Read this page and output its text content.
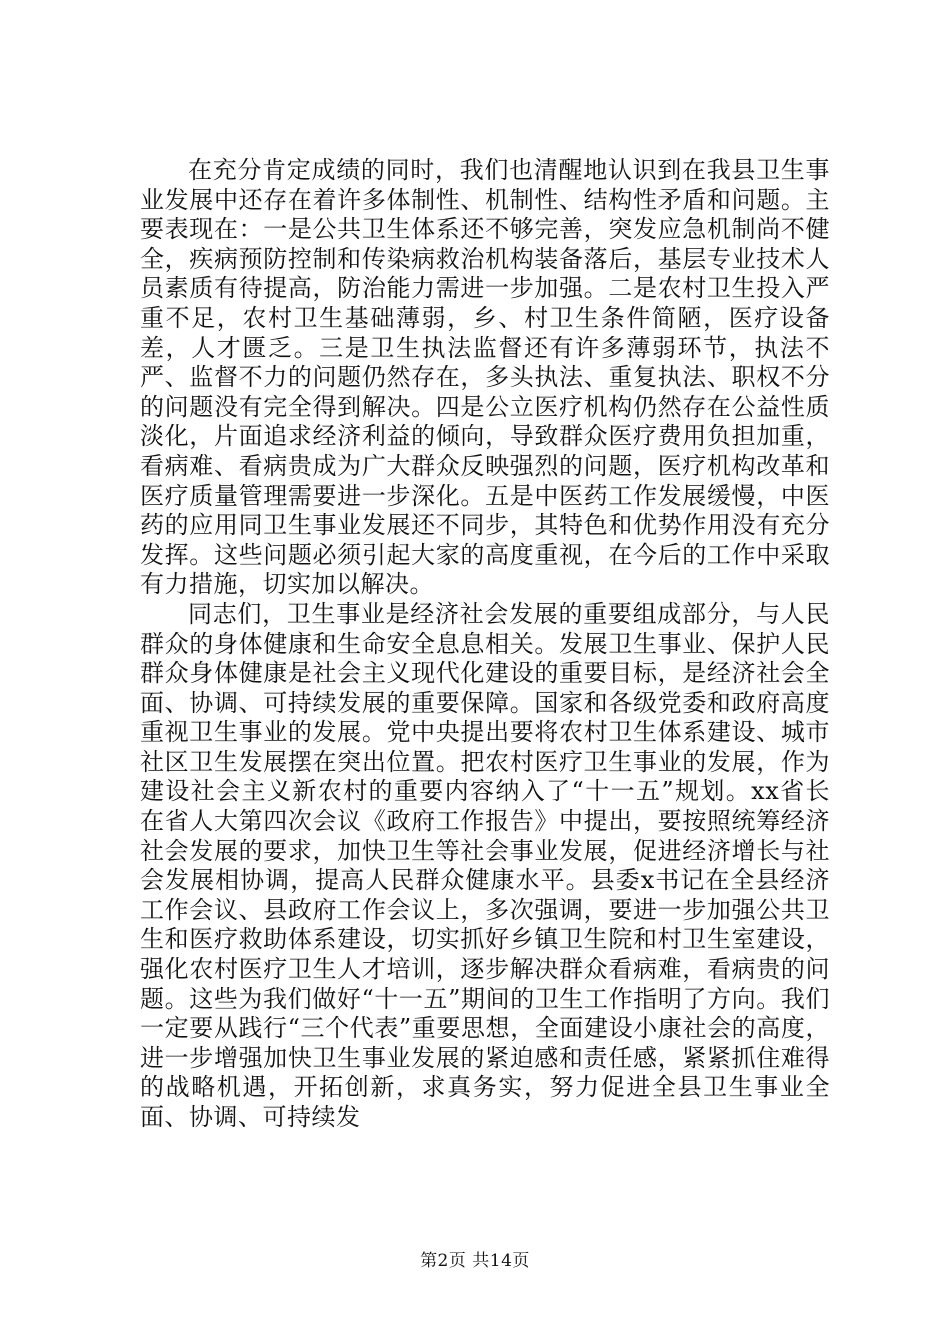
在充分肯定成绩的同时，我们也清醒地认识到在我县卫生事业发展中还存在着许多体制性、机制性、结构性矛盾和问题。主要表现在：一是公共卫生体系还不够完善，突发应急机制尚不健全，疾病预防控制和传染病救治机构装备落后，基层专业技术人员素质有待提高，防治能力需进一步加强。二是农村卫生投入严重不足，农村卫生基础薄弱，乡、村卫生条件简陋，医疗设备差，人才匮乏。三是卫生执法监督还有许多薄弱环节，执法不严、监督不力的问题仍然存在，多头执法、重复执法、职权不分的问题没有完全得到解决。四是公立医疗机构仍然存在公益性质淡化，片面追求经济利益的倾向，导致群众医疗费用负担加重，看病难、看病贵成为广大群众反映强烈的问题，医疗机构改革和医疗质量管理需要进一步深化。五是中医药工作发展缓慢，中医药的应用同卫生事业发展还不同步，其特色和优势作用没有充分发挥。这些问题必须引起大家的高度重视，在今后的工作中采取有力措施，切实加以解决。

同志们，卫生事业是经济社会发展的重要组成部分，与人民群众的身体健康和生命安全息息相关。发展卫生事业、保护人民群众身体健康是社会主义现代化建设的重要目标，是经济社会全面、协调、可持续发展的重要保障。国家和各级党委和政府高度重视卫生事业的发展。党中央提出要将农村卫生体系建设、城市社区卫生发展摆在突出位置。把农村医疗卫生事业的发展，作为建设社会主义新农村的重要内容纳入了“十一五”规划。xx省长在省人大第四次会议《政府工作报告》中提出，要按照统筹经济社会发展的要求，加快卫生等社会事业发展，促进经济增长与社会发展相协调，提高人民群众健康水平。县委x书记在全县经济工作会议、县政府工作会议上，多次强调，要进一步加强公共卫生和医疗救助体系建设，切实抓好乡镇卫生院和村卫生室建设，强化农村医疗卫生人才培训，逐步解决群众看病难，看病贵的问题。这些为我们做好“十一五”期间的卫生工作指明了方向。我们一定要从践行“三个代表”重要思想，全面建设小康社会的高度，进一步增强加快卫生事业发展的紧迫感和责任感，紧紧抓住难得的战略机遇，开拓创新，求真务实，努力促进全县卫生事业全面、协调、可持续发

第2页 共14页
